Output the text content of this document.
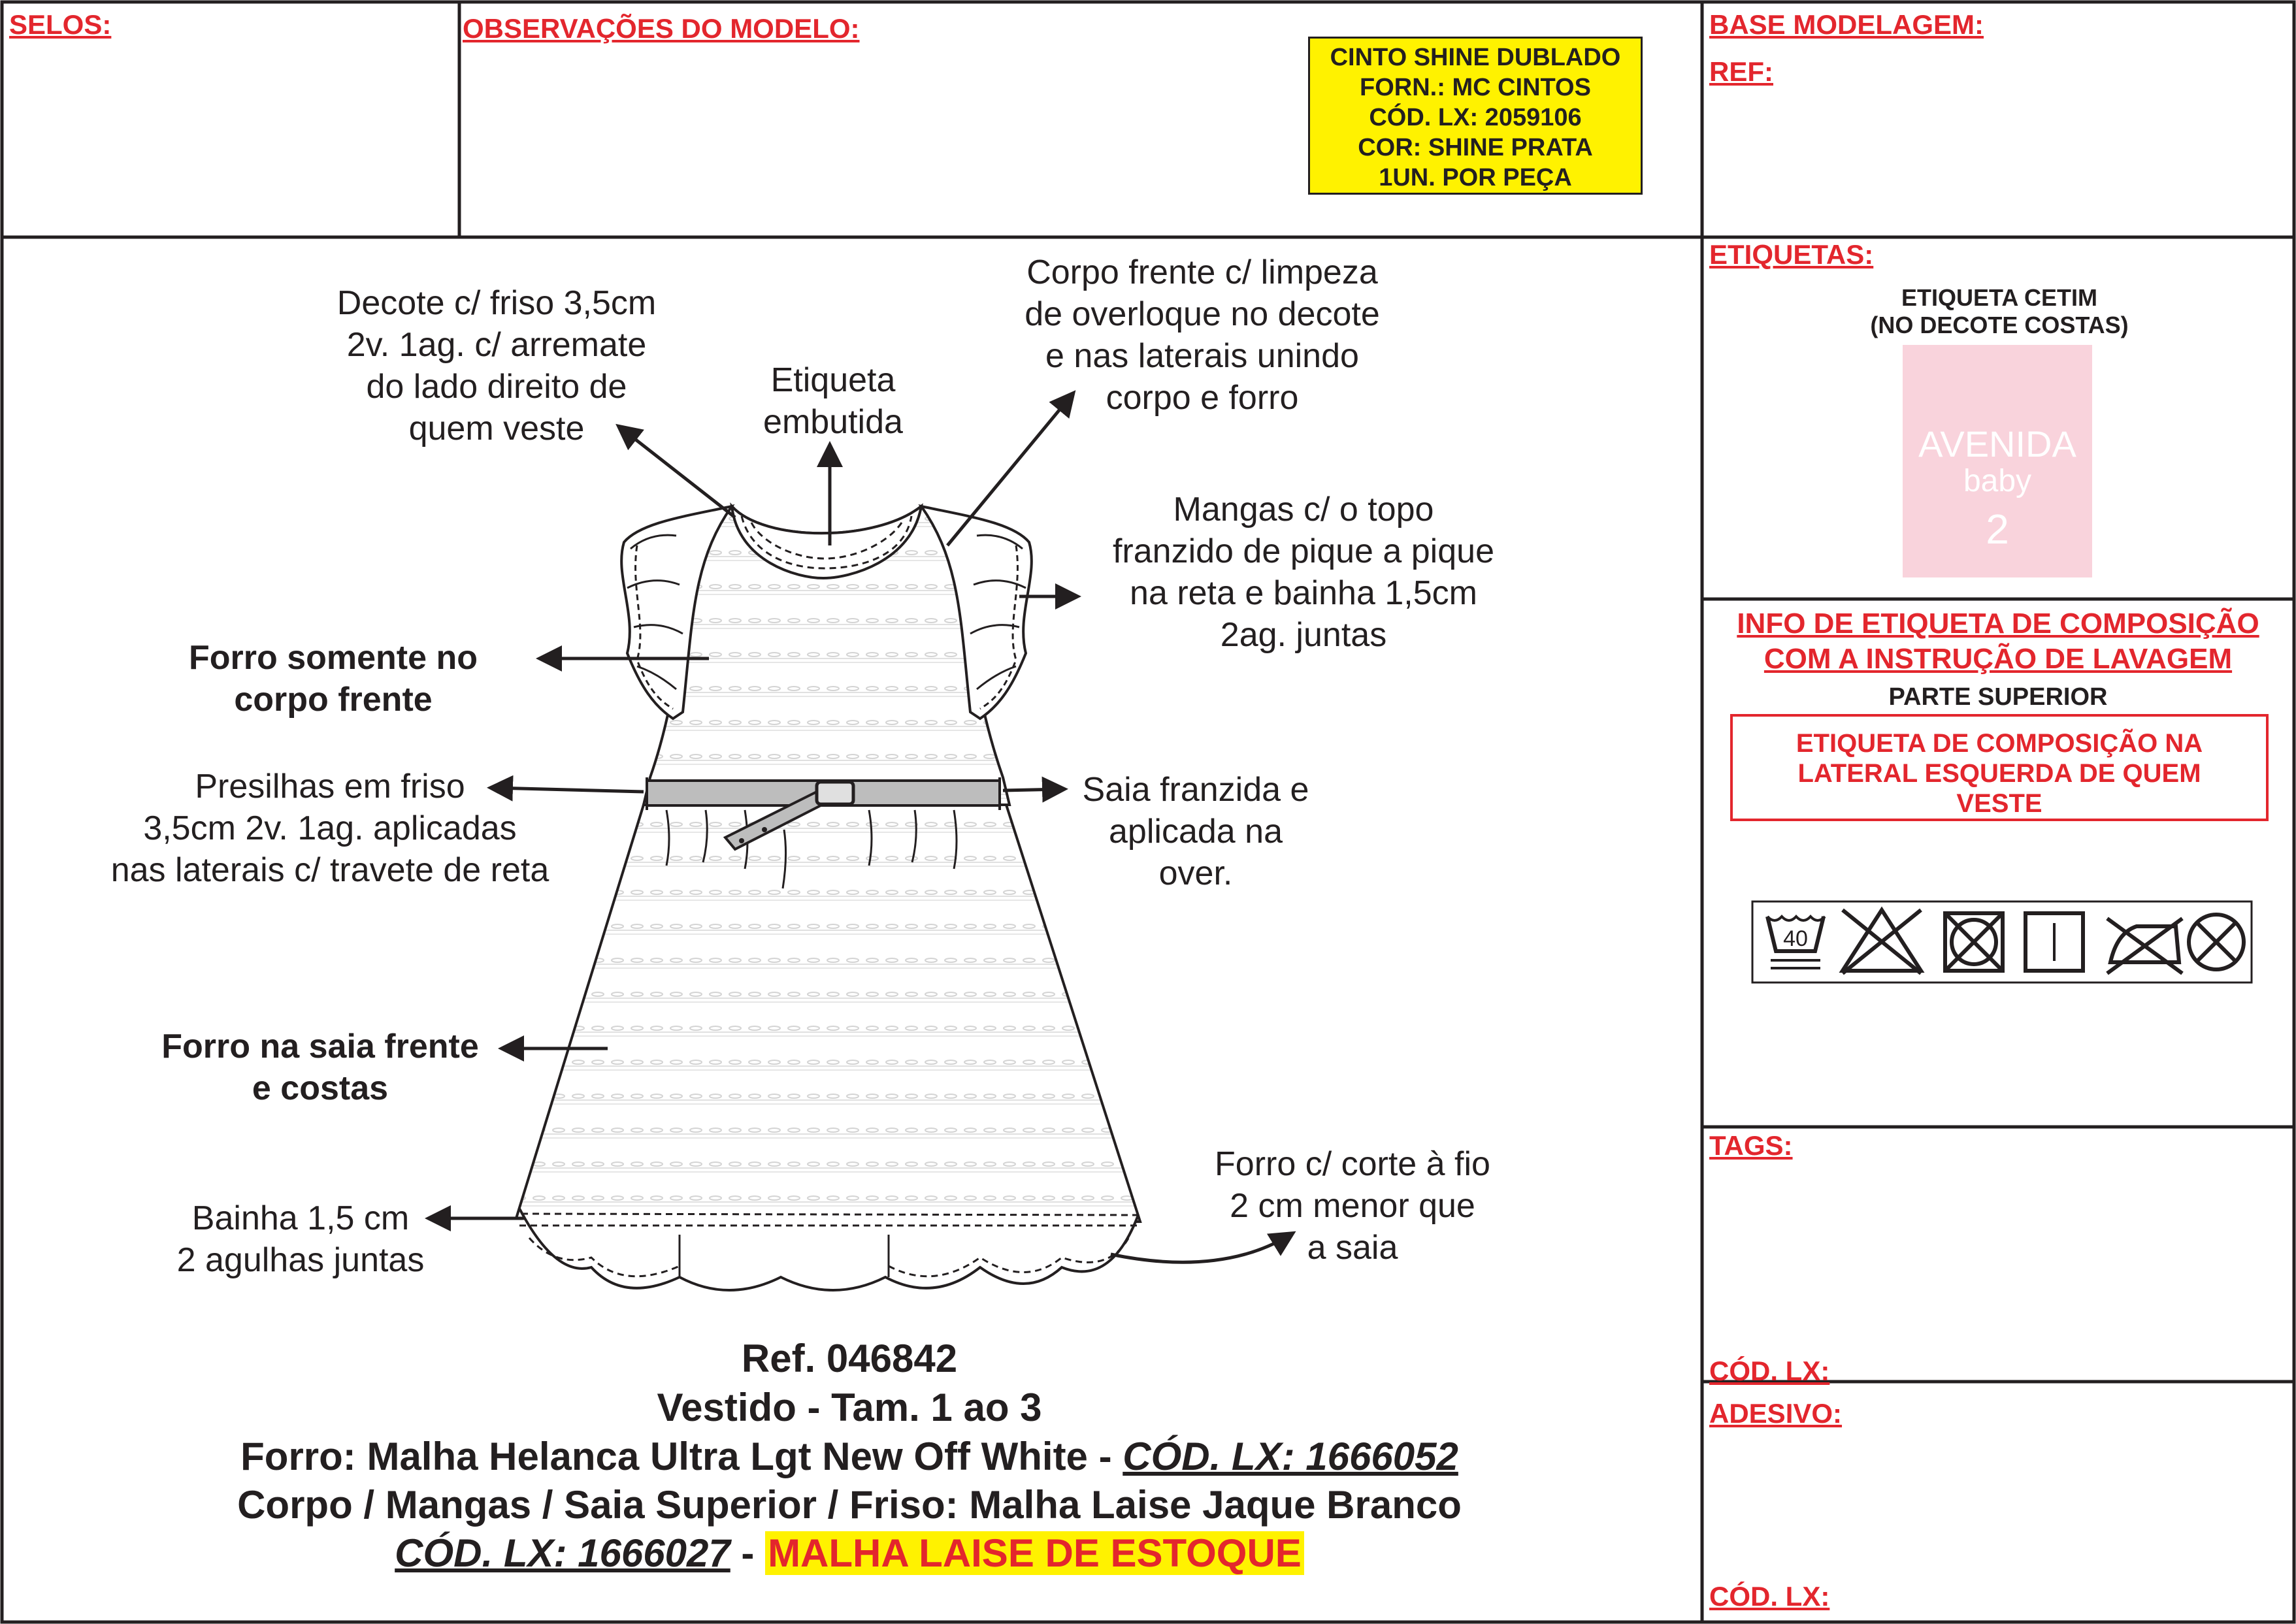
SELOS:	OBSERVAÇÕES DO MODELO:	BASE MODELAGEM:
REF:
CINTO SHINE DUBLADO
FORN.: MC CINTOS
CÓD. LX: 2059106
COR: SHINE PRATA
1UN. POR PEÇA
Decote c/ friso 3,5cm
2v. 1ag. c/ arremate
do lado direito de
quem veste
Etiqueta
embutida
Corpo frente c/ limpeza
de overloque no decote
e nas laterais unindo
corpo e forro
Mangas c/ o topo
franzido de pique a pique
na reta e bainha 1,5cm
2ag. juntas
Forro somente no
corpo frente
Presilhas em friso
3,5cm 2v. 1ag. aplicadas
nas laterais c/ travete de reta
Saia franzida e
aplicada na
over.
Forro na saia frente
e costas
Forro c/ corte à fio
2 cm menor que
a saia
Bainha 1,5 cm
2 agulhas juntas
Ref. 046842
Vestido - Tam. 1 ao 3
Forro: Malha Helanca Ultra Lgt New Off White - CÓD. LX: 1666052
Corpo / Mangas / Saia Superior / Friso: Malha Laise Jaque Branco
CÓD. LX: 1666027 - MALHA LAISE DE ESTOQUE
ETIQUETAS:
ETIQUETA CETIM
(NO DECOTE COSTAS)
AVENIDA
baby
2
INFO DE ETIQUETA DE COMPOSIÇÃO
COM A INSTRUÇÃO DE LAVAGEM
PARTE SUPERIOR
ETIQUETA DE COMPOSIÇÃO NA
LATERAL ESQUERDA DE QUEM
VESTE
40
TAGS:
CÓD. LX:
ADESIVO:
CÓD. LX:
